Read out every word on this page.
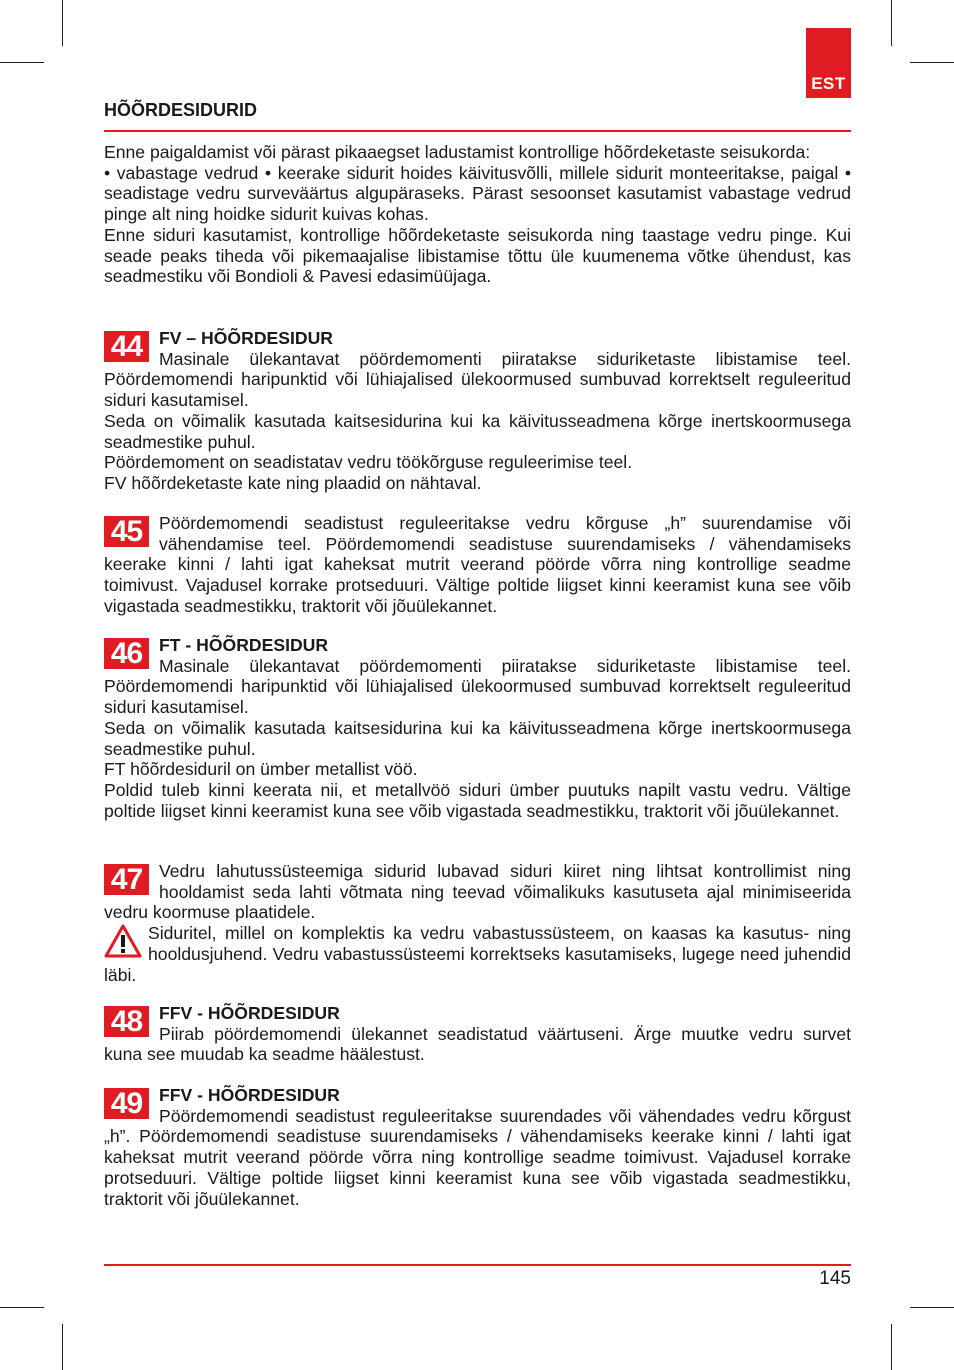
EST
HÕÕRDESIDURID

Enne paigaldamist või pärast pikaaegset ladustamist kontrollige hõõrdeketaste seisukorda:

• vabastage vedrud • keerake sidurit hoides käivitusvõlli, millele sidurit monteeritakse, paigal • seadistage vedru surveväärtus algupäraseks. Pärast sesoonset kasutamist vabastage vedrud pinge alt ning hoidke sidurit kuivas kohas.

Enne siduri kasutamist, kontrollige hõõrdeketaste seisukorda ning taastage vedru pinge. Kui seade peaks tiheda või pikemaajalise libistamise tõttu üle kuumenema võtke ühendust, kas seadmestiku või Bondioli & Pavesi edasimüüjaga.

44 FV – HÕÕRDESIDUR

Masinale ülekantavat pöördemomenti piiratakse siduriketaste libistamise teel. Pöördemomendi haripunktid või lühiajalised ülekoormused sumbuvad korrektselt reguleeritud siduri kasutamisel.

Seda on võimalik kasutada kaitsesidurina kui ka käivitusseadmena kõrge inertskoormusega seadmestike puhul.

Pöördemoment on seadistatav vedru töökõrguse reguleerimise teel.

FV hõõrdeketaste kate ning plaadid on nähtaval.

45 Pöördemomendi seadistust reguleeritakse vedru kõrguse „h” suurendamise või vähendamise teel. Pöördemomendi seadistuse suurendamiseks / vähendamiseks keerake kinni / lahti igat kaheksat mutrit veerand pöörde võrra ning kontrollige seadme toimivust. Vajadusel korrake protseduuri. Vältige poltide liigset kinni keeramist kuna see võib vigastada seadmestikku, traktorit või jõuülekannet.

46 FT - HÕÕRDESIDUR

Masinale ülekantavat pöördemomenti piiratakse siduriketaste libistamise teel. Pöördemomendi haripunktid või lühiajalised ülekoormused sumbuvad korrektselt reguleeritud siduri kasutamisel.

Seda on võimalik kasutada kaitsesidurina kui ka käivitusseadmena kõrge inertskoormusega seadmestike puhul.

FT hõõrdesiduril on ümber metallist vöö.

Poldid tuleb kinni keerata nii, et metallvöö siduri ümber puutuks napilt vastu vedru. Vältige poltide liigset kinni keeramist kuna see võib vigastada seadmestikku, traktorit või jõuülekannet.

47 Vedru lahutussüsteemiga sidurid lubavad siduri kiiret ning lihtsat kontrollimist ning hooldamist seda lahti võtmata ning teevad võimalikuks kasutuseta ajal minimiseerida vedru koormuse plaatidele.

Siduritel, millel on komplektis ka vedru vabastussüsteem, on kaasas ka kasutus- ning hooldusjuhend. Vedru vabastussüsteemi korrektseks kasutamiseks, lugege need juhendid läbi.

48 FFV - HÕÕRDESIDUR

Piirab pöördemomendi ülekannet seadistatud väärtuseni. Ärge muutke vedru survet kuna see muudab ka seadme häälestust.

49 FFV - HÕÕRDESIDUR

Pöördemomendi seadistust reguleeritakse suurendades või vähendades vedru kõrgust „h”. Pöördemomendi seadistuse suurendamiseks / vähendamiseks keerake kinni / lahti igat kaheksat mutrit veerand pöörde võrra ning kontrollige seadme toimivust. Vajadusel korrake protseduuri. Vältige poltide liigset kinni keeramist kuna see võib vigastada seadmestikku, traktorit või jõuülekannet.

145
